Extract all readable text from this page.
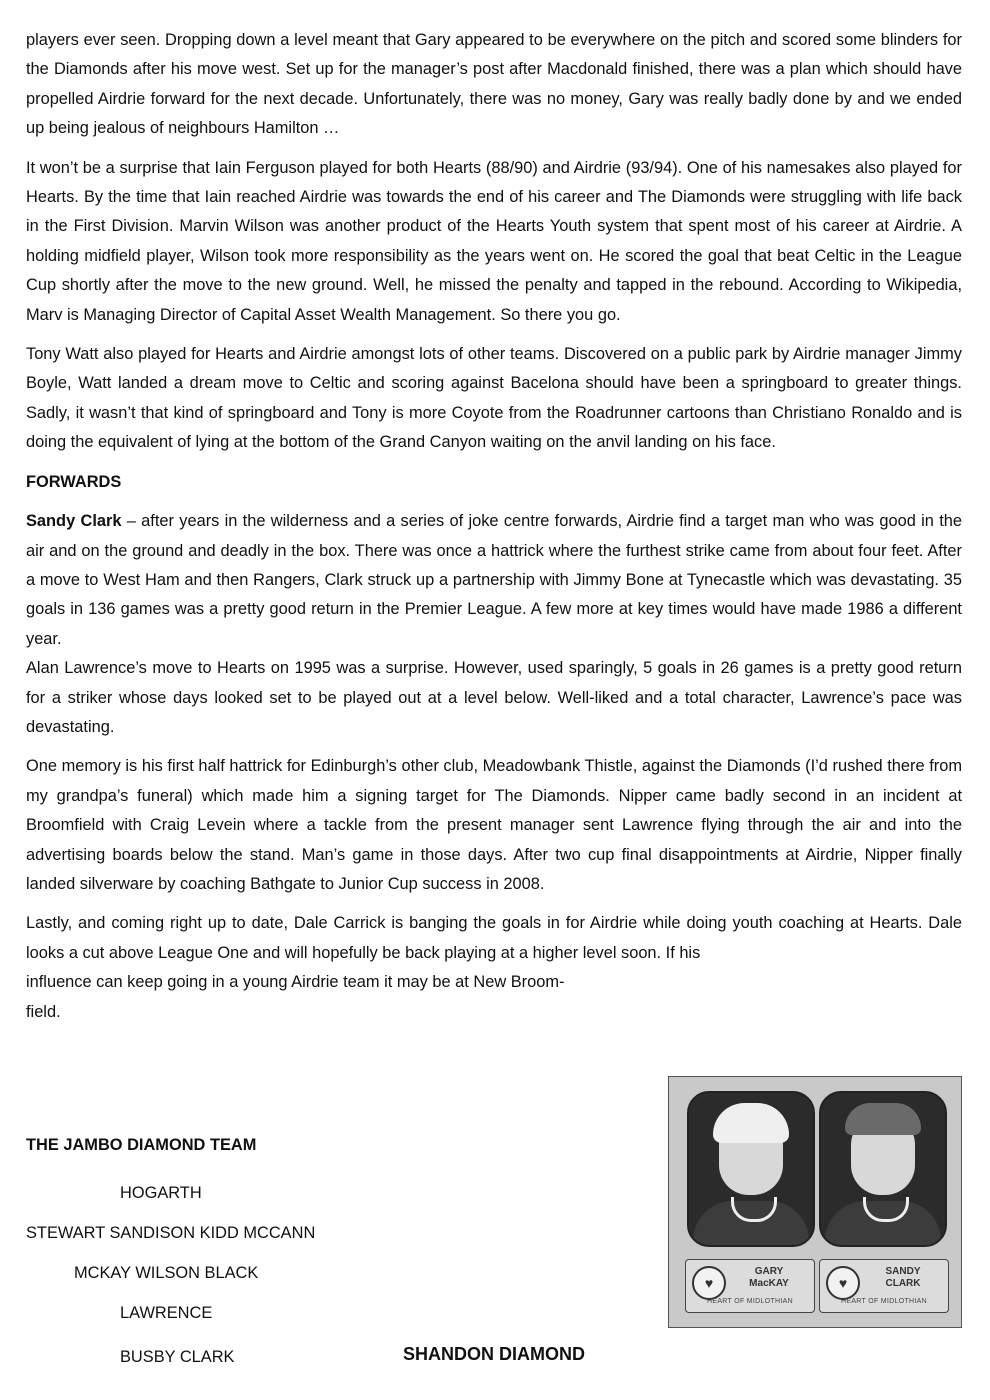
players ever seen. Dropping down a level meant that Gary appeared to be everywhere on the pitch and scored some blinders for the Diamonds after his move west. Set up for the manager’s post after Macdonald finished, there was a plan which should have propelled Airdrie forward for the next decade. Unfortunately, there was no money, Gary was really badly done by and we ended up being jealous of neighbours Hamilton …

It won’t be a surprise that Iain Ferguson played for both Hearts (88/90) and Airdrie (93/94). One of his namesakes also played for Hearts. By the time that Iain reached Airdrie was towards the end of his career and The Diamonds were struggling with life back in the First Division. Marvin Wilson was another product of the Hearts Youth system that spent most of his career at Airdrie. A holding midfield player, Wilson took more responsibility as the years went on. He scored the goal that beat Celtic in the League Cup shortly after the move to the new ground. Well, he missed the penalty and tapped in the rebound. According to Wikipedia, Marv is Managing Director of Capital Asset Wealth Management. So there you go.

Tony Watt also played for Hearts and Airdrie amongst lots of other teams. Discovered on a public park by Airdrie manager Jimmy Boyle, Watt landed a dream move to Celtic and scoring against Bacelona should have been a springboard to greater things. Sadly, it wasn’t that kind of springboard and Tony is more Coyote from the Roadrunner cartoons than Christiano Ronaldo and is doing the equivalent of lying at the bottom of the Grand Canyon waiting on the anvil landing on his face.

FORWARDS

Sandy Clark – after years in the wilderness and a series of joke centre forwards, Airdrie find a target man who was good in the air and on the ground and deadly in the box. There was once a hattrick where the furthest strike came from about four feet. After a move to West Ham and then Rangers, Clark struck up a partnership with Jimmy Bone at Tynecastle which was devastating. 35 goals in 136 games was a pretty good return in the Premier League. A few more at key times would have made 1986 a different year.

Alan Lawrence’s move to Hearts on 1995 was a surprise. However, used sparingly, 5 goals in 26 games is a pretty good return for a striker whose days looked set to be played out at a level below. Well-liked and a total character, Lawrence’s pace was devastating.

One memory is his first half hattrick for Edinburgh’s other club, Meadowbank Thistle, against the Diamonds (I’d rushed there from my grandpa’s funeral) which made him a signing target for The Diamonds. Nipper came badly second in an incident at Broomfield with Craig Levein where a tackle from the present manager sent Lawrence flying through the air and into the advertising boards below the stand. Man’s game in those days. After two cup final disappointments at Airdrie, Nipper finally landed silverware by coaching Bathgate to Junior Cup success in 2008.

Lastly, and coming right up to date, Dale Carrick is banging the goals in for Airdrie while doing youth coaching at Hearts. Dale looks a cut above League One and will hopefully be back playing at a higher level soon. If his

influence can keep going in a young Airdrie team it may be at New Broom-

field.

THE JAMBO DIAMOND TEAM
HOGARTH
STEWART SANDISON KIDD MCCANN
MCKAY WILSON BLACK
LAWRENCE
BUSBY CLARK	SHANDON DIAMOND
♥
GARY
MacKAY
HEART OF MIDLOTHIAN
♥
SANDY
CLARK
HEART OF MIDLOTHIAN
